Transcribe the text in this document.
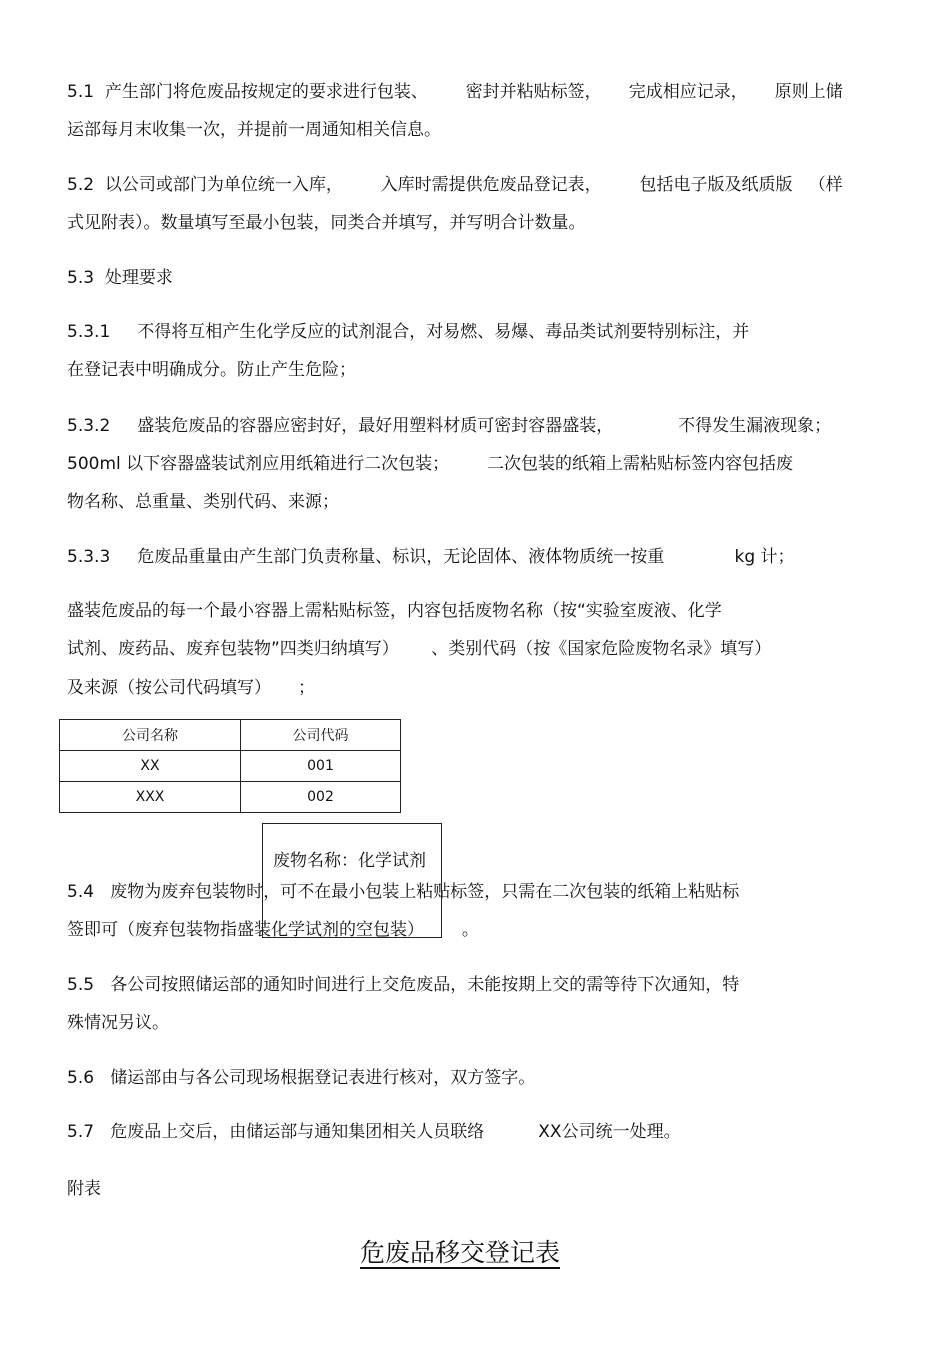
5.1  产生部门将危废品按规定的要求进行包装、       密封并粘贴标签，     完成相应记录，     原则上储
运部每月末收集一次，并提前一周通知相关信息。
5.2  以公司或部门为单位统一入库，       入库时需提供危废品登记表，       包括电子版及纸质版   （样
式见附表）。数量填写至最小包装，同类合并填写，并写明合计数量。
5.3  处理要求
5.3.1     不得将互相产生化学反应的试剂混合，对易燃、易爆、毒品类试剂要特别标注，并
在登记表中明确成分。防止产生危险；
5.3.2     盛装危废品的容器应密封好，最好用塑料材质可密封容器盛装，            不得发生漏液现象；
500ml 以下容器盛装试剂应用纸箱进行二次包装；       二次包装的纸箱上需粘贴标签内容包括废
物名称、总重量、类别代码、来源；
5.3.3     危废品重量由产生部门负责称量、标识，无论固体、液体物质统一按重             kg 计；
盛装危废品的每一个最小容器上需粘贴标签，内容包括废物名称（按“实验室废液、化学
试剂、废药品、废弃包装物”四类归纳填写）      、类别代码（按《国家危险废物名录》填写）
及来源（按公司代码填写）     ；
公司名称	公司代码
XX	001
XXX	002
5.4   废物为废弃包装物时，可不在最小包装上粘贴标签，只需在二次包装的纸箱上粘贴标
签即可（废弃包装物指盛装化学试剂的空包装）       。
废物名称：化学试剂
5.5   各公司按照储运部的通知时间进行上交危废品，未能按期上交的需等待下次通知，特
殊情况另议。
5.6   储运部由与各公司现场根据登记表进行核对，双方签字。
5.7   危废品上交后，由储运部与通知集团相关人员联络          XX公司统一处理。
附表
危废品移交登记表
